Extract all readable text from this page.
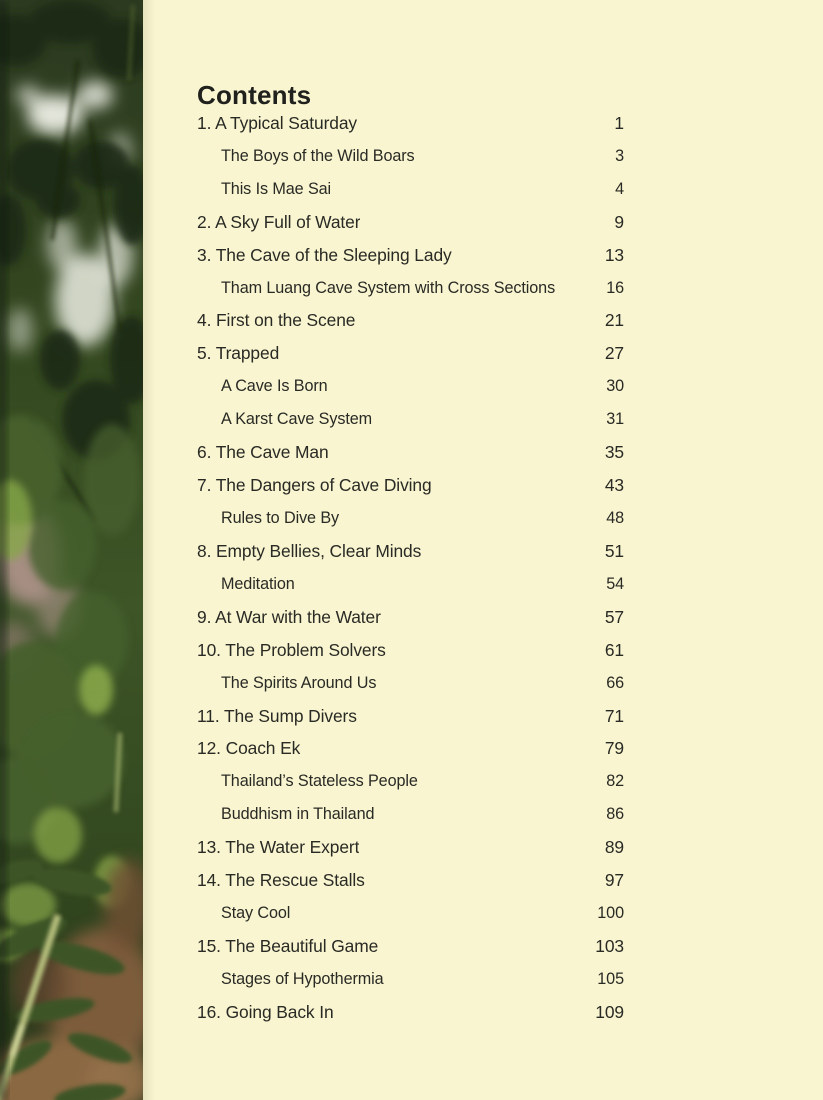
Contents
1. A Typical Saturday	1
The Boys of the Wild Boars	3
This Is Mae Sai	4
2. A Sky Full of Water	9
3. The Cave of the Sleeping Lady	13
Tham Luang Cave System with Cross Sections	16
4. First on the Scene	21
5. Trapped	27
A Cave Is Born	30
A Karst Cave System	31
6. The Cave Man	35
7. The Dangers of Cave Diving	43
Rules to Dive By	48
8. Empty Bellies, Clear Minds	51
Meditation	54
9. At War with the Water	57
10. The Problem Solvers	61
The Spirits Around Us	66
11. The Sump Divers	71
12. Coach Ek	79
Thailand’s Stateless People	82
Buddhism in Thailand	86
13. The Water Expert	89
14. The Rescue Stalls	97
Stay Cool	100
15. The Beautiful Game	103
Stages of Hypothermia	105
16. Going Back In	109
